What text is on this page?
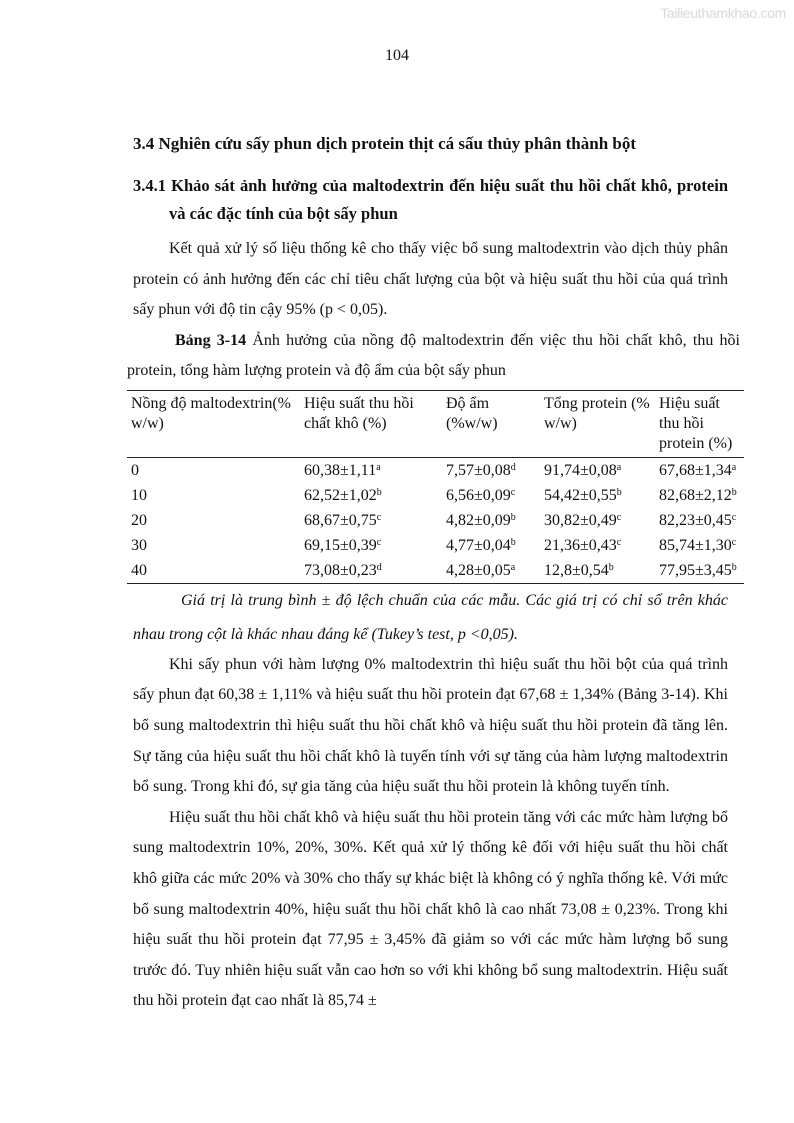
Tailieuthamkhao.com
104
3.4 Nghiên cứu sấy phun dịch protein thịt cá sấu thủy phân thành bột
3.4.1 Khảo sát ảnh hưởng của maltodextrin đến hiệu suất thu hồi chất khô, protein và các đặc tính của bột sấy phun

Kết quả xử lý số liệu thống kê cho thấy việc bổ sung maltodextrin vào dịch thủy phân protein có ảnh hưởng đến các chỉ tiêu chất lượng của bột và hiệu suất thu hồi của quá trình sấy phun với độ tin cậy 95% (p < 0,05).

Bảng 3-14 Ảnh hưởng của nồng độ maltodextrin đến việc thu hồi chất khô, thu hồi protein, tổng hàm lượng protein và độ ẩm của bột sấy phun

Nồng độ maltodextrin(% w/w)	Hiệu suất thu hồi chất khô (%)	Độ ẩm (%w/w)	Tổng protein (% w/w)	Hiệu suất thu hồi protein (%)
0	60,38±1,11$^a$	7,57±0,08$^d$	91,74±0,08$^a$	67,68±1,34$^a$
10	62,52±1,02$^b$	6,56±0,09$^c$	54,42±0,55$^b$	82,68±2,12$^b$
20	68,67±0,75$^c$	4,82±0,09$^b$	30,82±0,49$^c$	82,23±0,45$^c$
30	69,15±0,39$^c$	4,77±0,04$^b$	21,36±0,43$^c$	85,74±1,30$^c$
40	73,08±0,23$^d$	4,28±0,05$^a$	12,8±0,54$^b$	77,95±3,45$^b$

Giá trị là trung bình ± độ lệch chuẩn của các mẫu. Các giá trị có chỉ số trên khác nhau trong cột là khác nhau đáng kể (Tukey’s test, p <0,05).

Khi sấy phun với hàm lượng 0% maltodextrin thì hiệu suất thu hồi bột của quá trình sấy phun đạt 60,38 ± 1,11% và hiệu suất thu hồi protein đạt 67,68 ± 1,34% (Bảng 3-14). Khi bổ sung maltodextrin thì hiệu suất thu hồi chất khô và hiệu suất thu hồi protein đã tăng lên. Sự tăng của hiệu suất thu hồi chất khô là tuyến tính với sự tăng của hàm lượng maltodextrin bổ sung. Trong khi đó, sự gia tăng của hiệu suất thu hồi protein là không tuyến tính.

Hiệu suất thu hồi chất khô và hiệu suất thu hồi protein tăng với các mức hàm lượng bổ sung maltodextrin 10%, 20%, 30%. Kết quả xử lý thống kê đối với hiệu suất thu hồi chất khô giữa các mức 20% và 30% cho thấy sự khác biệt là không có ý nghĩa thống kê. Với mức bổ sung maltodextrin 40%, hiệu suất thu hồi chất khô là cao nhất 73,08 ± 0,23%. Trong khi hiệu suất thu hồi protein đạt 77,95 ± 3,45% đã giảm so với các mức hàm lượng bổ sung trước đó. Tuy nhiên hiệu suất vẫn cao hơn so với khi không bổ sung maltodextrin. Hiệu suất thu hồi protein đạt cao nhất là 85,74 ±
